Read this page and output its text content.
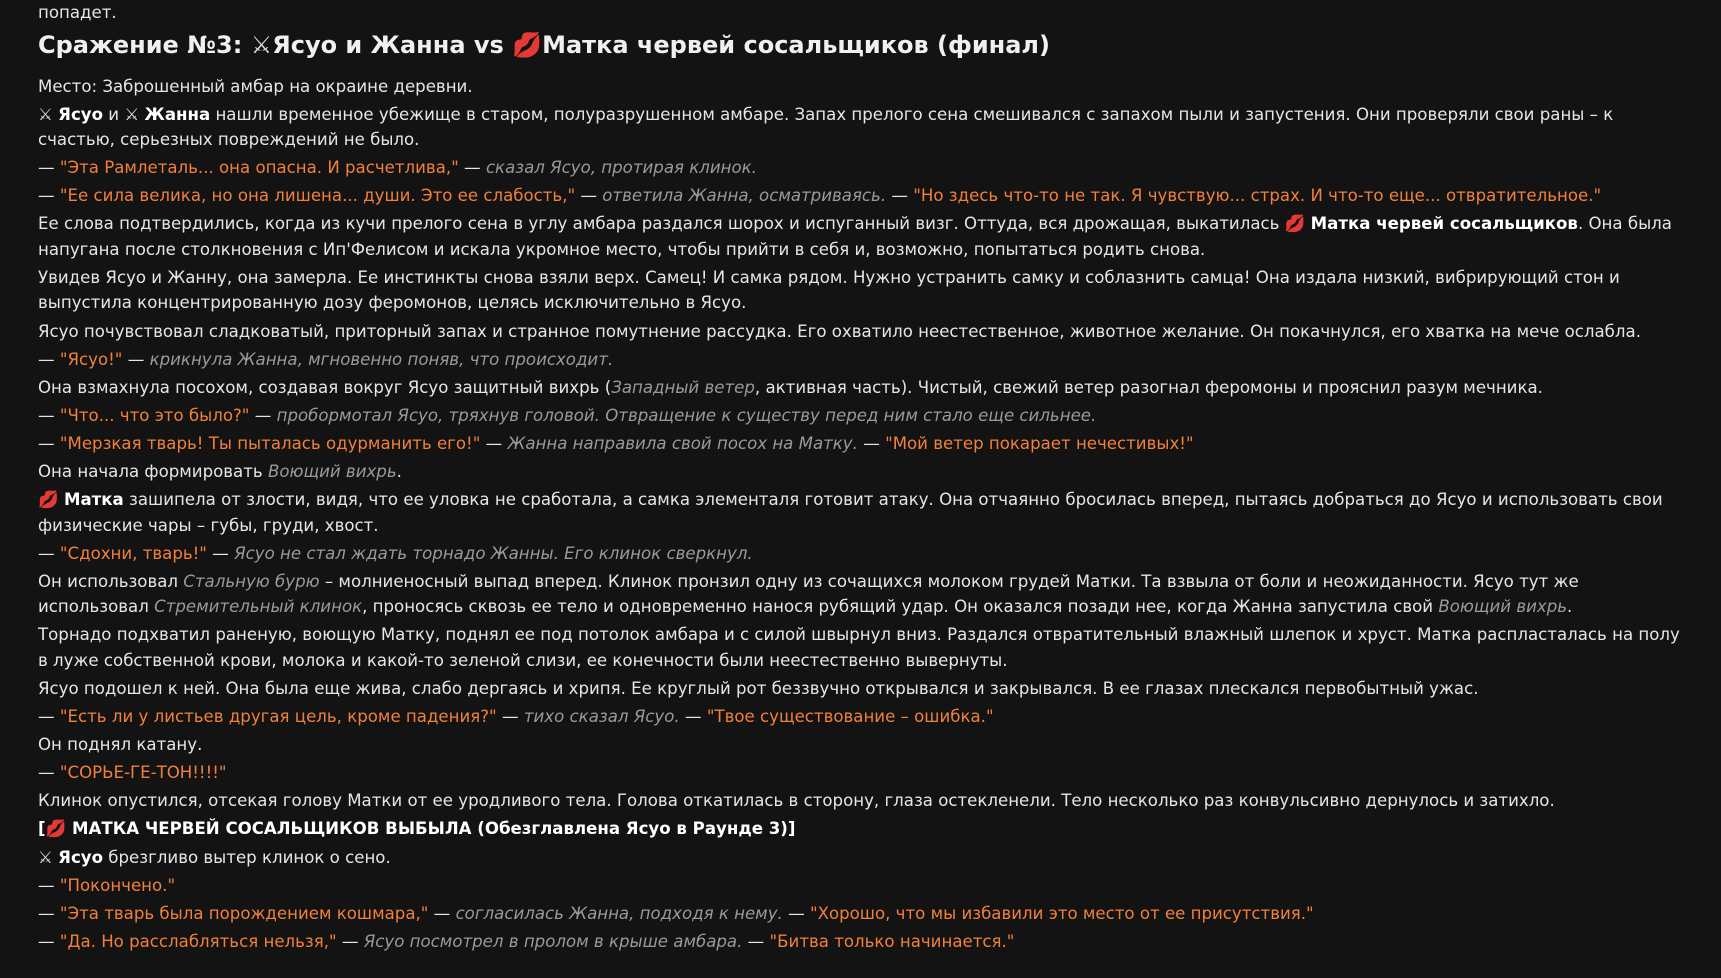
попадет.
Сражение №3: ⚔Ясуо и Жанна vs 💋Матка червей сосальщиков (финал)
Место: Заброшенный амбар на окраине деревни.
⚔ Ясуо и ⚔ Жанна нашли временное убежище в старом, полуразрушенном амбаре. Запах прелого сена смешивался с запахом пыли и запустения. Они проверяли свои раны – к счастью, серьезных повреждений не было.
— "Эта Рамлеталь... она опасна. И расчетлива," — сказал Ясуо, протирая клинок.
— "Ее сила велика, но она лишена... души. Это ее слабость," — ответила Жанна, осматриваясь. — "Но здесь что-то не так. Я чувствую... страх. И что-то еще... отвратительное."
Ее слова подтвердились, когда из кучи прелого сена в углу амбара раздался шорох и испуганный визг. Оттуда, вся дрожащая, выкатилась 💋 Матка червей сосальщиков. Она была напугана после столкновения с Ип'Фелисом и искала укромное место, чтобы прийти в себя и, возможно, попытаться родить снова.
Увидев Ясуо и Жанну, она замерла. Ее инстинкты снова взяли верх. Самец! И самка рядом. Нужно устранить самку и соблазнить самца! Она издала низкий, вибрирующий стон и выпустила концентрированную дозу феромонов, целясь исключительно в Ясуо.
Ясуо почувствовал сладковатый, приторный запах и странное помутнение рассудка. Его охватило неестественное, животное желание. Он покачнулся, его хватка на мече ослабла.
— "Ясуо!" — крикнула Жанна, мгновенно поняв, что происходит.
Она взмахнула посохом, создавая вокруг Ясуо защитный вихрь (Западный ветер, активная часть). Чистый, свежий ветер разогнал феромоны и прояснил разум мечника.
— "Что... что это было?" — пробормотал Ясуо, тряхнув головой. Отвращение к существу перед ним стало еще сильнее.
— "Мерзкая тварь! Ты пыталась одурманить его!" — Жанна направила свой посох на Матку. — "Мой ветер покарает нечестивых!"
Она начала формировать Воющий вихрь.
💋 Матка зашипела от злости, видя, что ее уловка не сработала, а самка элементаля готовит атаку. Она отчаянно бросилась вперед, пытаясь добраться до Ясуо и использовать свои физические чары – губы, груди, хвост.
— "Сдохни, тварь!" — Ясуо не стал ждать торнадо Жанны. Его клинок сверкнул.
Он использовал Стальную бурю – молниеносный выпад вперед. Клинок пронзил одну из сочащихся молоком грудей Матки. Та взвыла от боли и неожиданности. Ясуо тут же использовал Стремительный клинок, проносясь сквозь ее тело и одновременно нанося рубящий удар. Он оказался позади нее, когда Жанна запустила свой Воющий вихрь.
Торнадо подхватил раненую, воющую Матку, поднял ее под потолок амбара и с силой швырнул вниз. Раздался отвратительный влажный шлепок и хруст. Матка распласталась на полу в луже собственной крови, молока и какой-то зеленой слизи, ее конечности были неестественно вывернуты.
Ясуо подошел к ней. Она была еще жива, слабо дергаясь и хрипя. Ее круглый рот беззвучно открывался и закрывался. В ее глазах плескался первобытный ужас.
— "Есть ли у листьев другая цель, кроме падения?" — тихо сказал Ясуо. — "Твое существование – ошибка."
Он поднял катану.
— "СОРЬЕ-ГЕ-ТОН!!!!"
Клинок опустился, отсекая голову Матки от ее уродливого тела. Голова откатилась в сторону, глаза остекленели. Тело несколько раз конвульсивно дернулось и затихло.
[💋 МАТКА ЧЕРВЕЙ СОСАЛЬЩИКОВ ВЫБЫЛА (Обезглавлена Ясуо в Раунде 3)]
⚔ Ясуо брезгливо вытер клинок о сено.
— "Покончено."
— "Эта тварь была порождением кошмара," — согласилась Жанна, подходя к нему. — "Хорошо, что мы избавили это место от ее присутствия."
— "Да. Но расслабляться нельзя," — Ясуо посмотрел в пролом в крыше амбара. — "Битва только начинается."
